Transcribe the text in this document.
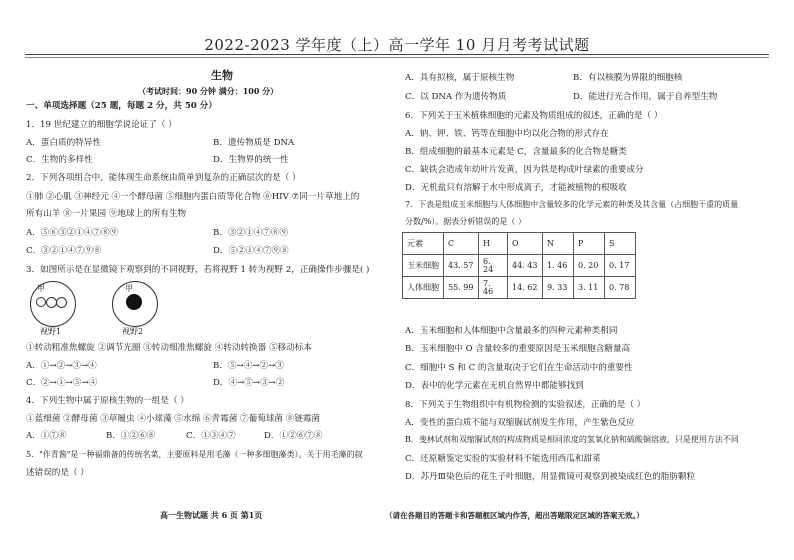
2022-2023 学年度（上）高一学年 10 月月考考试试题
生物
（考试时间：90 分钟 满分：100 分）
一、单项选择题（25 题，每题 2 分，共 50 分）
1．19 世纪建立的细胞学说论证了（ ）
A．蛋白质的特异性	B．遗传物质是 DNA
C．生物的多样性	D．生物界的统一性
2．下列各项组合中，能体现生命系统由简单到复杂的正确层次的是（ ）
①肺 ②心肌 ③神经元 ④一个酵母菌 ⑤细胞内蛋白质等化合物 ⑥HIV ⑦同一片草地上的
所有山羊 ⑧一片果园 ⑨地球上的所有生物
A．⑤⑥③②①④⑦⑧⑨	B．③②①④⑦⑧⑨
C．③②①④⑦⑨⑧	D．⑤②①④⑦⑨⑧
3．如图所示是在显微镜下观察到的不同视野，若将视野 1 转为视野 2，正确操作步骤是( )
甲	甲
视野1	视野2
①转动粗准焦螺旋 ②调节光圈 ③转动细准焦螺旋 ④转动转换器 ⑤移动标本
A．①→②→③→④	B．⑤→④→②→③
C．②→①→⑤→④	D．④→⑤→③→②
4．下列生物中属于原核生物的一组是（ ）
①蓝细菌 ②酵母菌 ③草履虫 ④小球藻 ⑤水绵 ⑥青霉菌 ⑦葡萄球菌 ⑧链霉菌
A．①⑦⑧	B．①②⑥⑧	C．①③④⑦	D．①②⑥⑦⑧
5．"作青酱"是一种福鼎备的传统名菜，主要原料是用毛藻（一种多细胞藻类）。关于用毛藻的叙
述错误的是（ ）
A．具有拟核，属于原核生物	B．有以核膜为界限的细胞核
C．以 DNA 作为遗传物质	D．能进行光合作用，属于自养型生物
6．下列关于玉米植株细胞的元素及物质组成的叙述，正确的是（ ）
A．钠、钾、铁、钙等在细胞中均以化合物的形式存在
B．组成细胞的最基本元素是 C，含量最多的化合物是糖类
C．缺铁会造成年幼叶片发黄，因为铁是构成叶绿素的重要成分
D．无机盐只有溶解于水中形成离子，才能被植物的根吸收
7．下表是组成玉米细胞与人体细胞中含量较多的化学元素的种类及其含量（占细胞干重的质量
分数/%）。据表分析错误的是（ ）
元素	C	H	O	N	P	S
玉米细胞	43. 57	6. 24	44. 43	1. 46	0. 20	0. 17
人体细胞	55. 99	7. 46	14. 62	9. 33	3. 11	0. 78
A．玉米细胞和人体细胞中含量最多的四种元素种类相同
B．玉米细胞中 O 含量较多的重要原因是玉米细胞含糖量高
C．细胞中 S 和 C 的含量取决于它们在生命活动中的重要性
D．表中的化学元素在无机自然界中都能够找到
8．下列关于生物组织中有机物检测的实验叙述，正确的是（ ）
A．变性的蛋白质不能与双缩脲试剂发生作用，产生紫色反应
B．斐林试剂和双缩脲试剂的构成物质是相同浓度的氢氧化钠和硫酸铜溶液，只是使用方法不同
C．还原糖鉴定实验的实验材料不能选用西瓜和甜菜
D．苏丹Ⅲ染色后的花生子叶细胞，用显微镜可观察到被染成红色的脂肪颗粒
高一生物试题 共 6 页 第1页	（请在各题目的答题卡和答题框区域内作答，超出答题限定区域的答案无效。）
